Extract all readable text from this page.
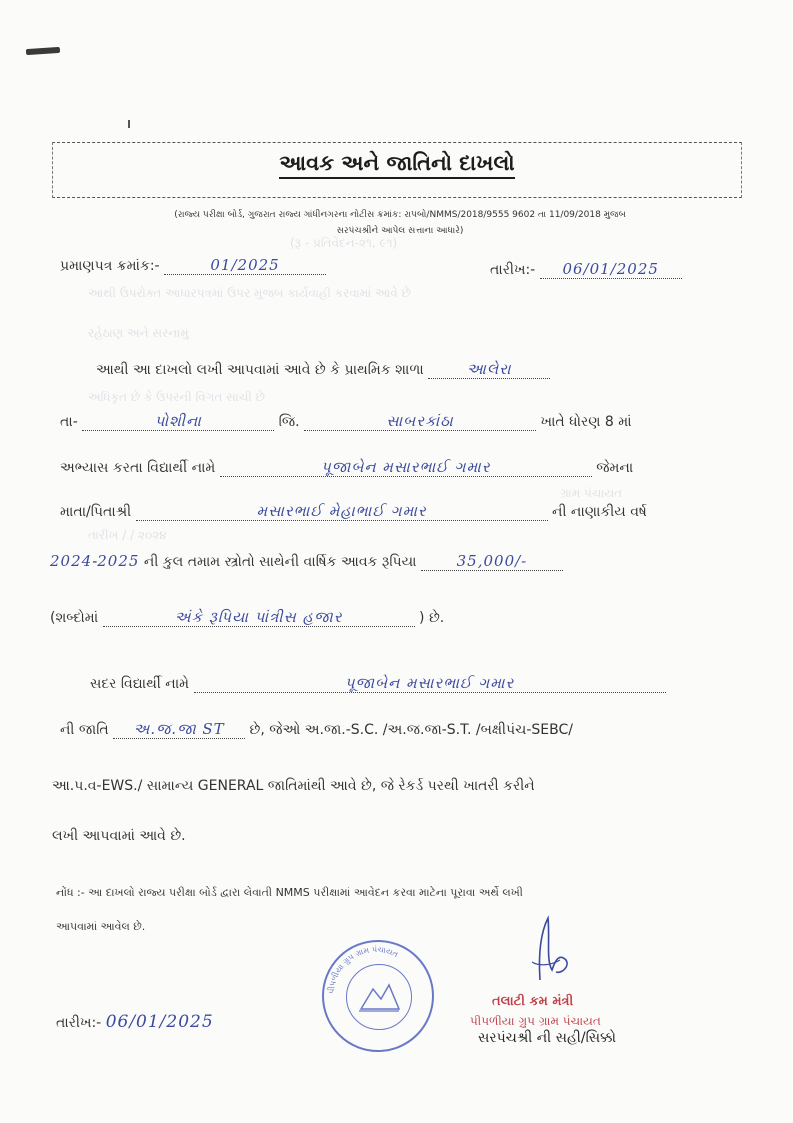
આવક અને જાતિનો દાખલો
(રાજ્ય પરીક્ષા બોર્ડ, ગુજરાત રાજ્ય ગાંધીનગરના નોટીસ ક્રમાંક: રાપબો/NMMS/2018/9555 9602 તા 11/09/2018 મુજબ
સરપંચશ્રીને આપેલ સત્તાના આધારે)
(રૂ - પ્રતિવેદન-૨૧, ૯૧)
આથી ઉપરોક્ત આધારપત્રમાં ઉપર મુજબ કાર્યવાહી કરવામાં આવે છે
રહેઠાણ અને સરનામું
અધિકૃત છે કે ઉપરની વિગત સાચી છે
ગ્રામ પંચાયત
તારીખ / / ૨૦૨૪
પ્રમાણપત્ર ક્રમાંક:-	01/2025	તારીખ:- 06/01/2025
આથી આ દાખલો લખી આપવામાં આવે છે કે પ્રાથમિક શાળા	આલેરા
તા-	પોશીના	જિ.	સાબરકાંઠા	ખાતે ધોરણ 8 માં
અભ્યાસ કરતા વિદ્યાર્થી નામે	પૂજાબેન મસારભાઈ ગમાર	જેમના
માતા/પિતાશ્રી	મસારભાઈ મેહાભાઈ ગમાર	ની નાણાકીય વર્ષ
2024-2025 ની કુલ તમામ સ્ત્રોતો સાથેની વાર્ષિક આવક રૂપિયા	35,000/-
(શબ્દોમાં	અંકે રૂપિયા પાંત્રીસ હજાર	) છે.
સદર વિદ્યાર્થી નામે	પૂજાબેન મસારભાઈ ગમાર
ની જાતિ અ.જ.જા ST છે, જેઓ અ.જા.-S.C. /અ.જ.જા-S.T. /બક્ષીપંચ-SEBC/
આ.પ.વ-EWS./ સામાન્ય GENERAL જાતિમાંથી આવે છે, જે રેકર્ડ પરથી ખાતરી કરીને
લખી આપવામાં આવે છે.
નોંધ :- આ દાખલો રાજ્ય પરીક્ષા બોર્ડ દ્વારા લેવાતી NMMS પરીક્ષામાં આવેદન કરવા માટેના પૂરાવા અર્થે લખી
આપવામાં આવેલ છે.
તારીખ:- 06/01/2025
પીપળીયા ગ્રુપ ગ્રામ પંચાયત
તલાટી કમ મંત્રી
પીપળીયા ગ્રુપ ગ્રામ પંચાયત
સરપંચશ્રી ની સહી/સિક્કો
